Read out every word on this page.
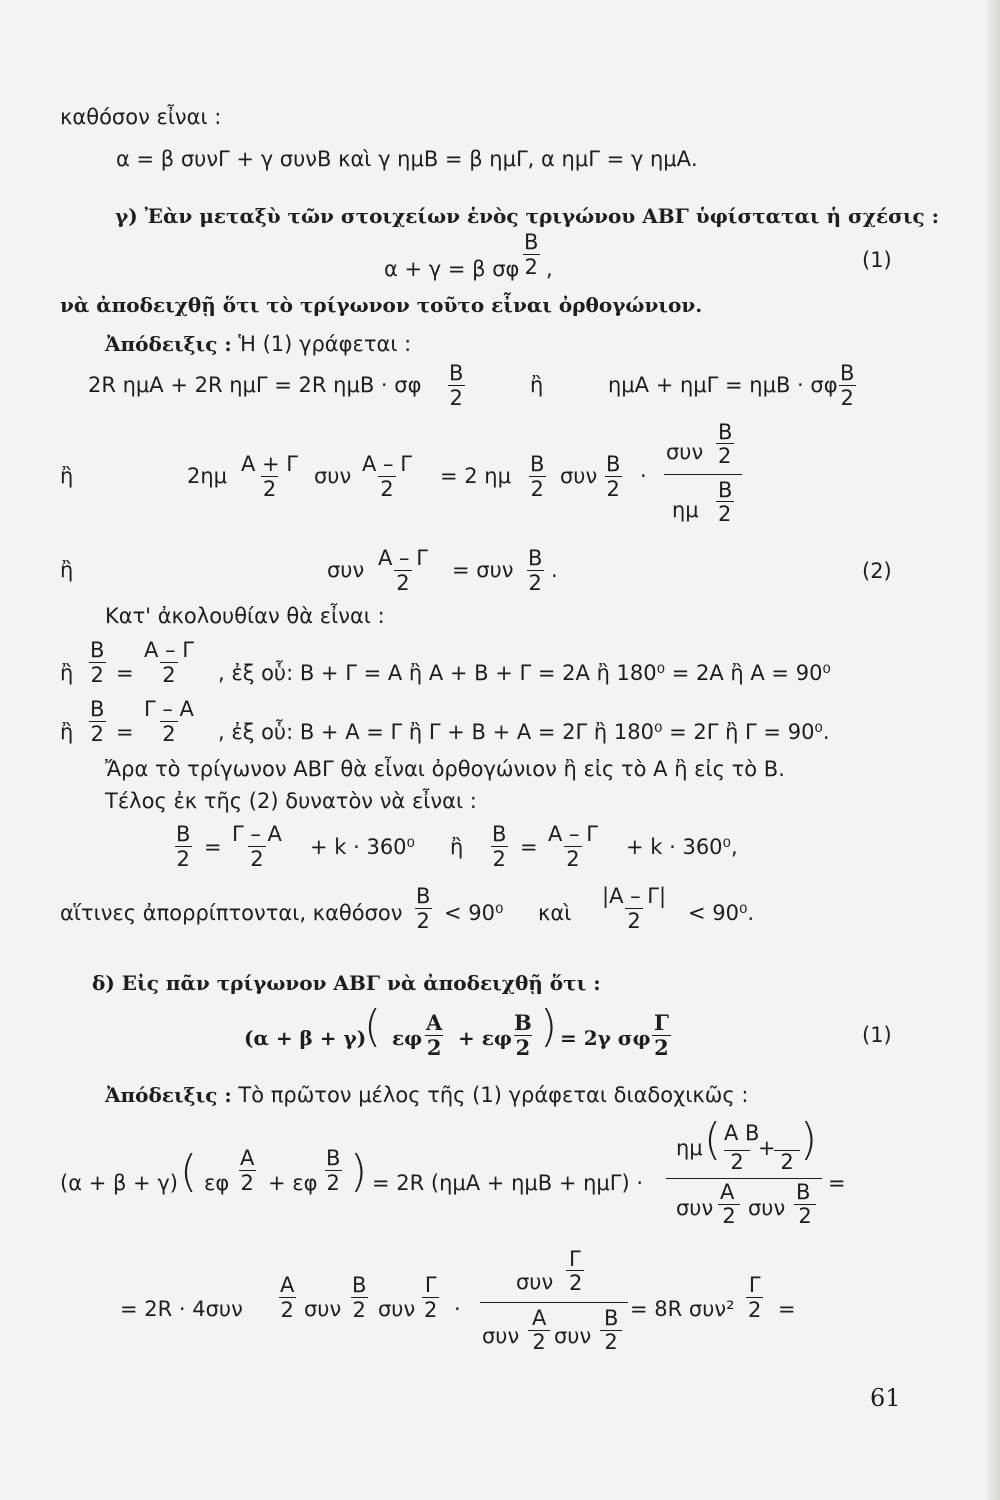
καθόσον εἶναι :
α = β συνΓ + γ συνΒ καὶ γ ημΒ = β ημΓ, α ημΓ = γ ημΑ.
γ) Ἐὰν μεταξὺ τῶν στοιχείων ἑνὸς τριγώνου ΑΒΓ ὑφίσταται ἡ σχέσις :
α + γ = β σφ $\frac{B}{2}$ ,	(1)
νὰ ἀποδειχθῇ ὅτι τὸ τρίγωνον τοῦτο εἶναι ὀρθογώνιον.
Ἀπόδειξις : Ἡ (1) γράφεται :
2R ημΑ + 2R ημΓ = 2R ημΒ · σφ $\frac{B}{2}$	ἢ	ημΑ + ημΓ = ημΒ · σφ $\frac{B}{2}$
ἢ	$2\eta\mu \frac{A + \Gamma}{2}$ συν $\frac{A - \Gamma}{2} = 2$ ημ $\frac{B}{2}$ συν $\frac{B}{2}$ ·
συν
Β
2
ημ
Β
2
ἢ	συν $\frac{A - \Gamma}{2} = \sigma\upsilon\nu \frac{B}{2}$ .	(2)
Κατ' ἀκολουθίαν θὰ εἶναι :
ἢ $\frac{B}{2} = \frac{A - \Gamma}{2}$ , ἐξ οὗ: Β + Γ = Α ἢ Α + Β + Γ = 2Α ἢ 180⁰ = 2Α ἢ Α = 90⁰
ἢ $\frac{B}{2} = \frac{\Gamma - A}{2}$ , ἐξ οὗ: Β + Α = Γ ἢ Γ + Β + Α = 2Γ ἢ 180⁰ = 2Γ ἢ Γ = 90⁰.
Ἄρα τὸ τρίγωνον ΑΒΓ θὰ εἶναι ὀρθογώνιον ἢ εἰς τὸ Α ἢ εἰς τὸ Β.
Τέλος ἐκ τῆς (2) δυνατὸν νὰ εἶναι :
$\frac{B}{2} = \frac{\Gamma - A}{2} + k \cdot 360^0$ ἢ $\frac{B}{2} = \frac{A - \Gamma}{2} + k \cdot 360^0$,
αἵτινες ἀπορρίπτονται, καθόσον $\frac{B}{2} < 90^0$ καὶ $\frac{|A - \Gamma|}{2} < 90^0$.
δ) Εἰς πᾶν τρίγωνον ΑΒΓ νὰ ἀποδειχθῇ ὅτι :
(α + β + γ)
( εφ $\frac{A}{2} + \varepsilon\varphi \frac{B}{2}$ ) = 2γ σφ $\frac{\Gamma}{2}$	(1)
Ἀπόδειξις : Τὸ πρῶτον μέλος τῆς (1) γράφεται διαδοχικῶς :
(α + β + γ) ( εφ $\frac{A}{2} + \varepsilon\varphi \frac{B}{2}$ ) = 2R (ημΑ + ημΒ + ημΓ) ·
ημ ( Α Β
2
+
2 )
συν
Α
2 συν
Β
2
=
= $2R \cdot 4\sigma\upsilon\nu \frac{A}{2}$ συν $\frac{B}{2}$ συν $\frac{\Gamma}{2}$ ·
συν
Γ
2
συν
Α
2 συν
Β
2
= 8R $\sigma\upsilon\nu^2 \frac{\Gamma}{2}$ =
61
